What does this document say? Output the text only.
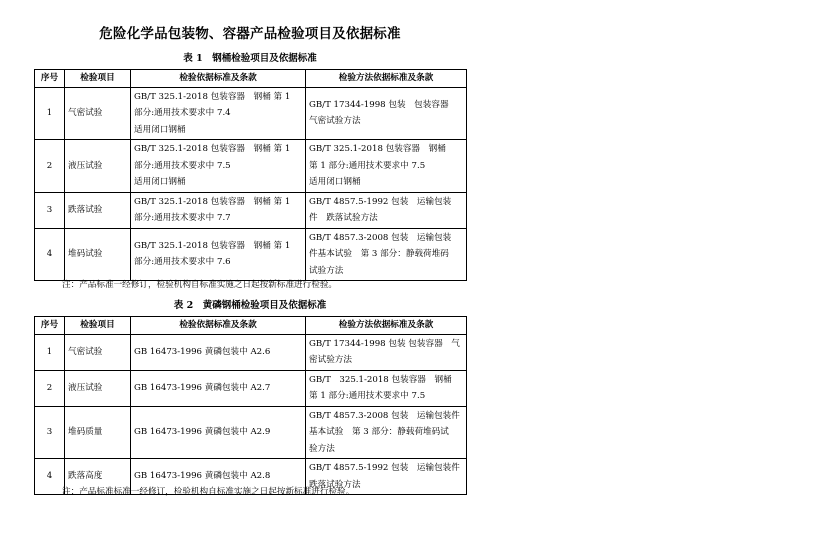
危险化学品包装物、容器产品检验项目及依据标准
表 1　钢桶检验项目及依据标准
序号	检验项目	检验依据标准及条款	检验方法依据标准及条款
1	气密试验	GB/T 325.1-2018 包装容器　钢桶 第 1
部分:通用技术要求中 7.4
适用闭口钢桶	GB/T 17344-1998 包装　包装容器
气密试验方法

2	液压试验	GB/T 325.1-2018 包装容器　钢桶 第 1
部分:通用技术要求中 7.5
适用闭口钢桶	GB/T 325.1-2018 包装容器　钢桶
第 1 部分:通用技术要求中 7.5
适用闭口钢桶

3	跌落试验	GB/T 325.1-2018 包装容器　钢桶 第 1
部分:通用技术要求中 7.7	GB/T 4857.5-1992 包装　运输包装
件　跌落试验方法

4	堆码试验	GB/T 325.1-2018 包装容器　钢桶 第 1
部分:通用技术要求中 7.6	GB/T 4857.3-2008 包装　运输包装
件基本试验　第 3 部分：静载荷堆码
试验方法
注：产品标准一经修订，检验机构自标准实施之日起按新标准进行检验。
表 2　黄磷钢桶检验项目及依据标准
序号	检验项目	检验依据标准及条款	检验方法依据标准及条款
1	气密试验	GB 16473-1996 黄磷包装中 A2.6	GB/T 17344-1998 包装 包装容器　气
密试验方法

2	液压试验	GB 16473-1996 黄磷包装中 A2.7	GB/T　325.1-2018 包装容器　钢桶
第 1 部分:通用技术要求中 7.5

3	堆码质量	GB 16473-1996 黄磷包装中 A2.9	GB/T 4857.3-2008 包装　运输包装件
基本试验　第 3 部分：静载荷堆码试
验方法

4	跌落高度	GB 16473-1996 黄磷包装中 A2.8	GB/T 4857.5-1992 包装　运输包装件
跌落试验方法
注：产品标准标准一经修订，检验机构自标准实施之日起按新标准进行检验。
